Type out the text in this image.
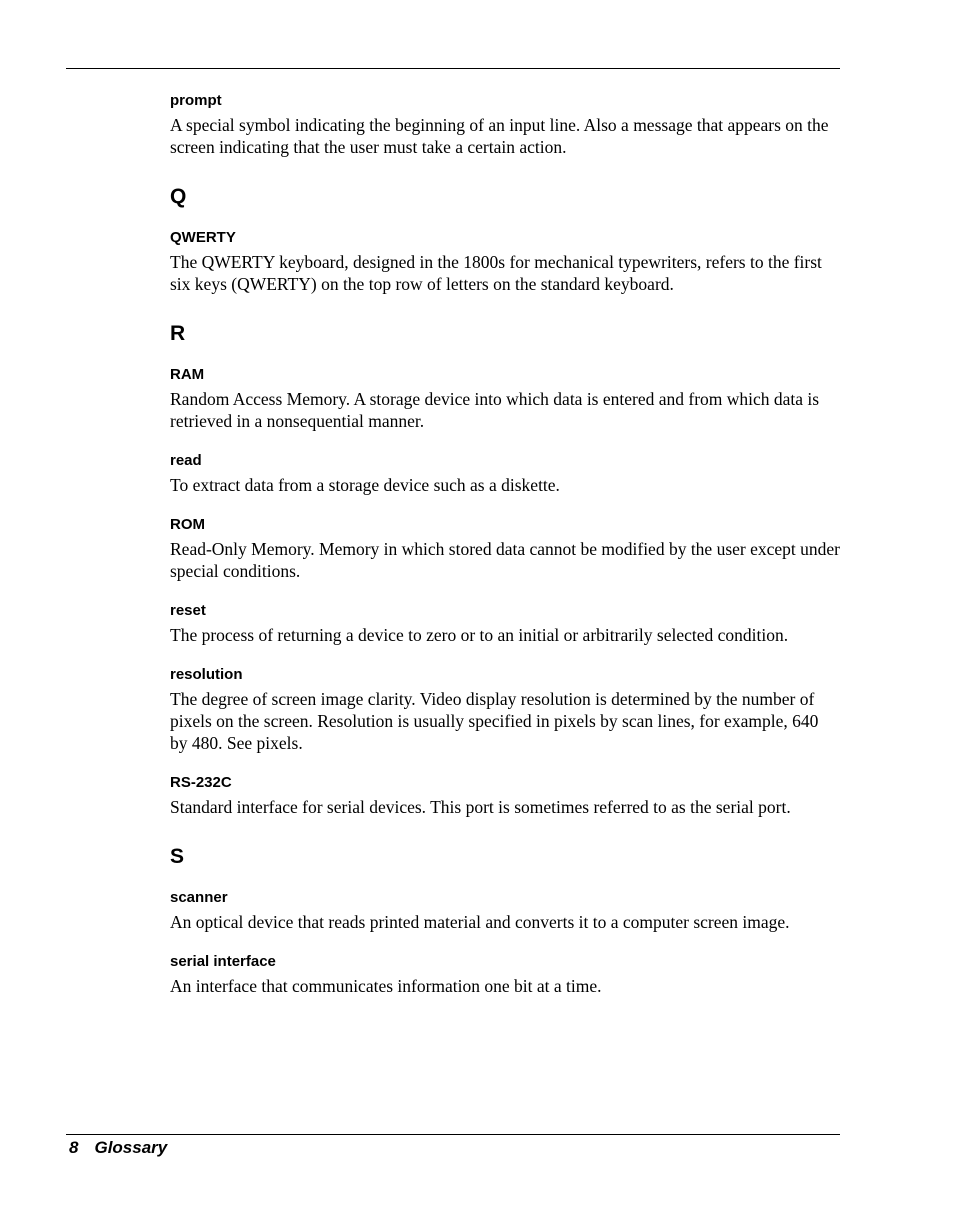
prompt

A special symbol indicating the beginning of an input line. Also a message that appears on the screen indicating that the user must take a certain action.

Q

QWERTY

The QWERTY keyboard, designed in the 1800s for mechanical typewriters, refers to the first six keys (QWERTY) on the top row of letters on the standard keyboard.

R

RAM

Random Access Memory. A storage device into which data is entered and from which data is retrieved in a nonsequential manner.

read

To extract data from a storage device such as a diskette.

ROM

Read-Only Memory. Memory in which stored data cannot be modified by the user except under special conditions.

reset

The process of returning a device to zero or to an initial or arbitrarily selected condition.

resolution

The degree of screen image clarity. Video display resolution is determined by the number of pixels on the screen. Resolution is usually specified in pixels by scan lines, for example, 640 by 480. See pixels.

RS-232C

Standard interface for serial devices. This port is sometimes referred to as the serial port.

S

scanner

An optical device that reads printed material and converts it to a computer screen image.

serial interface

An interface that communicates information one bit at a time.

8 Glossary
